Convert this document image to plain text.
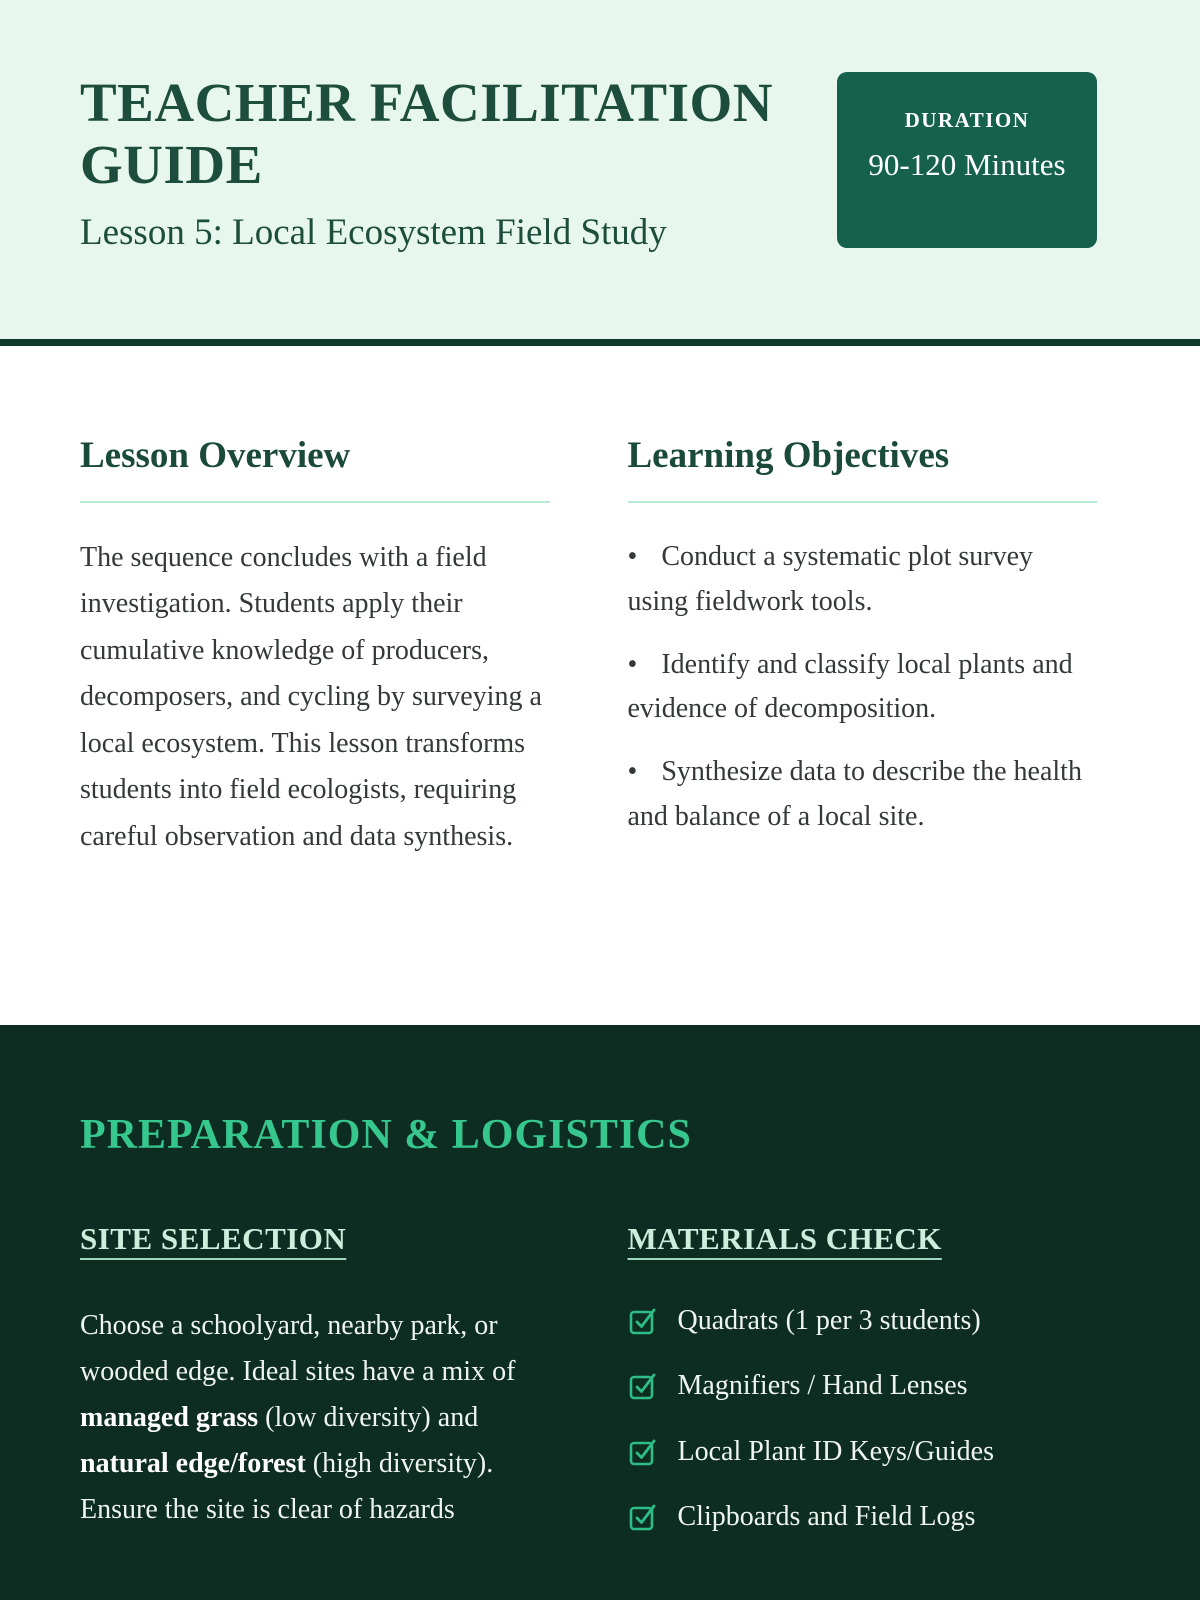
TEACHER FACILITATION GUIDE

Lesson 5: Local Ecosystem Field Study

DURATION
90-120 Minutes
Lesson Overview

The sequence concludes with a field investigation. Students apply their cumulative knowledge of producers, decomposers, and cycling by surveying a local ecosystem. This lesson transforms students into field ecologists, requiring careful observation and data synthesis.

Learning Objectives
• Conduct a systematic plot survey using fieldwork tools.
• Identify and classify local plants and evidence of decomposition.
• Synthesize data to describe the health and balance of a local site.
PREPARATION & LOGISTICS
SITE SELECTION

Choose a schoolyard, nearby park, or wooded edge. Ideal sites have a mix of managed grass (low diversity) and natural edge/forest (high diversity). Ensure the site is clear of hazards

MATERIALS CHECK
Quadrats (1 per 3 students)
Magnifiers / Hand Lenses
Local Plant ID Keys/Guides
Clipboards and Field Logs
